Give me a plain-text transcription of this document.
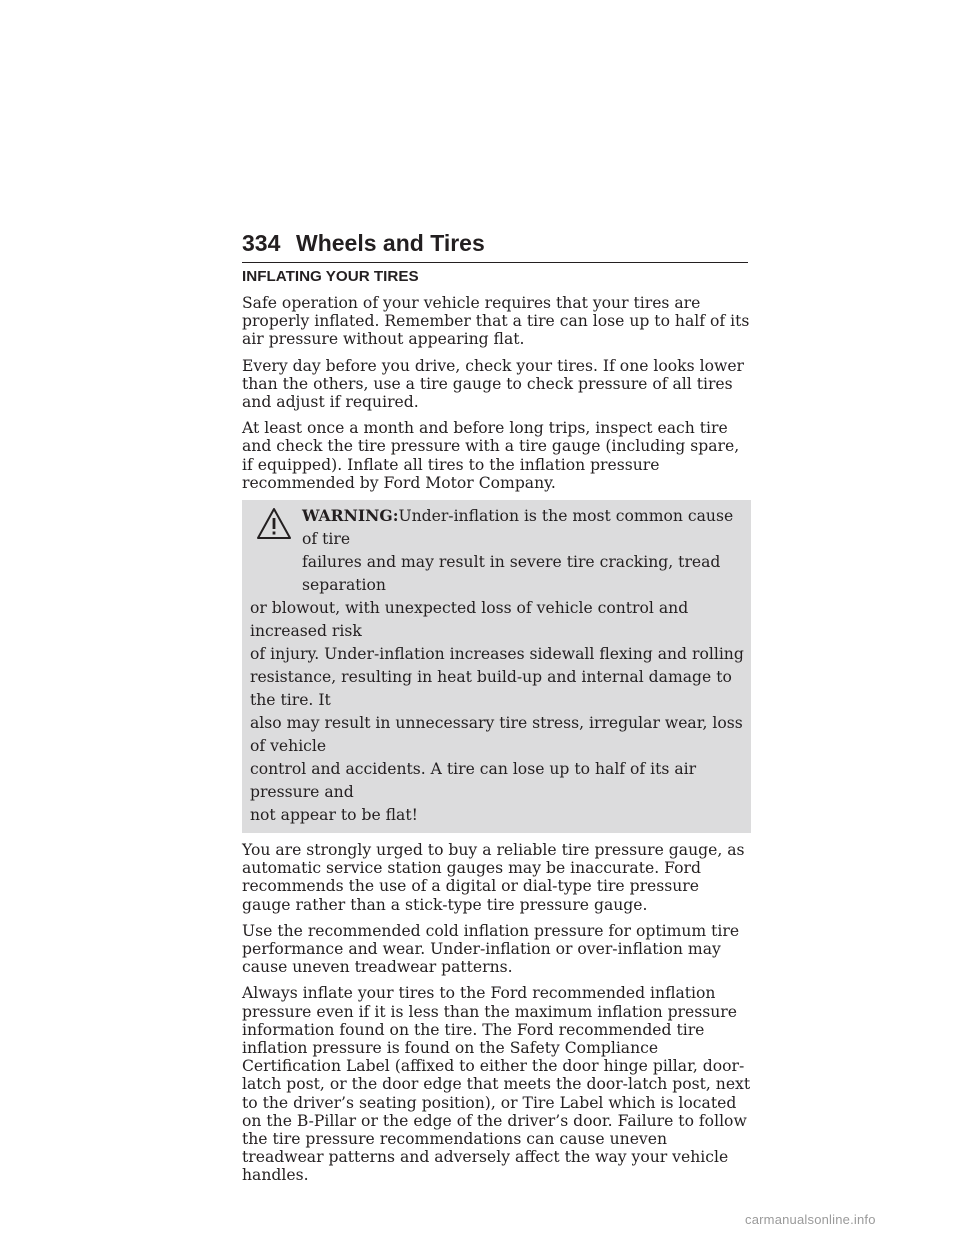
334 Wheels and Tires
INFLATING YOUR TIRES

Safe operation of your vehicle requires that your tires are properly inflated. Remember that a tire can lose up to half of its air pressure without appearing flat.

Every day before you drive, check your tires. If one looks lower than the others, use a tire gauge to check pressure of all tires and adjust if required.

At least once a month and before long trips, inspect each tire and check the tire pressure with a tire gauge (including spare, if equipped). Inflate all tires to the inflation pressure recommended by Ford Motor Company.

WARNING:Under-inflation is the most common cause of tire
failures and may result in severe tire cracking, tread separation
or blowout, with unexpected loss of vehicle control and increased risk
of injury. Under-inflation increases sidewall flexing and rolling
resistance, resulting in heat build-up and internal damage to the tire. It
also may result in unnecessary tire stress, irregular wear, loss of vehicle
control and accidents. A tire can lose up to half of its air pressure and
not appear to be flat!

You are strongly urged to buy a reliable tire pressure gauge, as automatic service station gauges may be inaccurate. Ford recommends the use of a digital or dial-type tire pressure gauge rather than a stick-type tire pressure gauge.

Use the recommended cold inflation pressure for optimum tire performance and wear. Under-inflation or over-inflation may cause uneven treadwear patterns.

Always inflate your tires to the Ford recommended inflation pressure even if it is less than the maximum inflation pressure information found on the tire. The Ford recommended tire inflation pressure is found on the Safety Compliance Certification Label (affixed to either the door hinge pillar, door-latch post, or the door edge that meets the door-latch post, next to the driver’s seating position), or Tire Label which is located on the B-Pillar or the edge of the driver’s door. Failure to follow the tire pressure recommendations can cause uneven treadwear patterns and adversely affect the way your vehicle handles.

carmanualsonline.info
